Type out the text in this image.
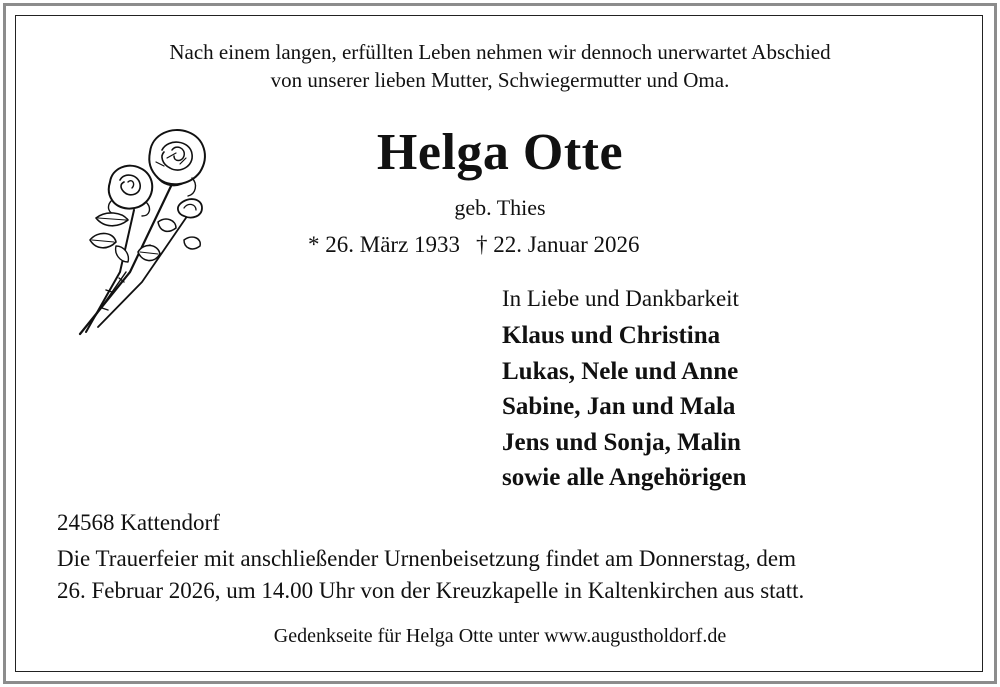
Nach einem langen, erfüllten Leben nehmen wir dennoch unerwartet Abschied
von unserer lieben Mutter, Schwiegermutter und Oma.
Helga Otte
geb. Thies
* 26. März 1933 † 22. Januar 2026
In Liebe und Dankbarkeit
Klaus und Christina
Lukas, Nele und Anne
Sabine, Jan und Mala
Jens und Sonja, Malin
sowie alle Angehörigen
24568 Kattendorf
Die Trauerfeier mit anschließender Urnenbeisetzung findet am Donnerstag, dem
26. Februar 2026, um 14.00 Uhr von der Kreuzkapelle in Kaltenkirchen aus statt.
Gedenkseite für Helga Otte unter www.augustholdorf.de
